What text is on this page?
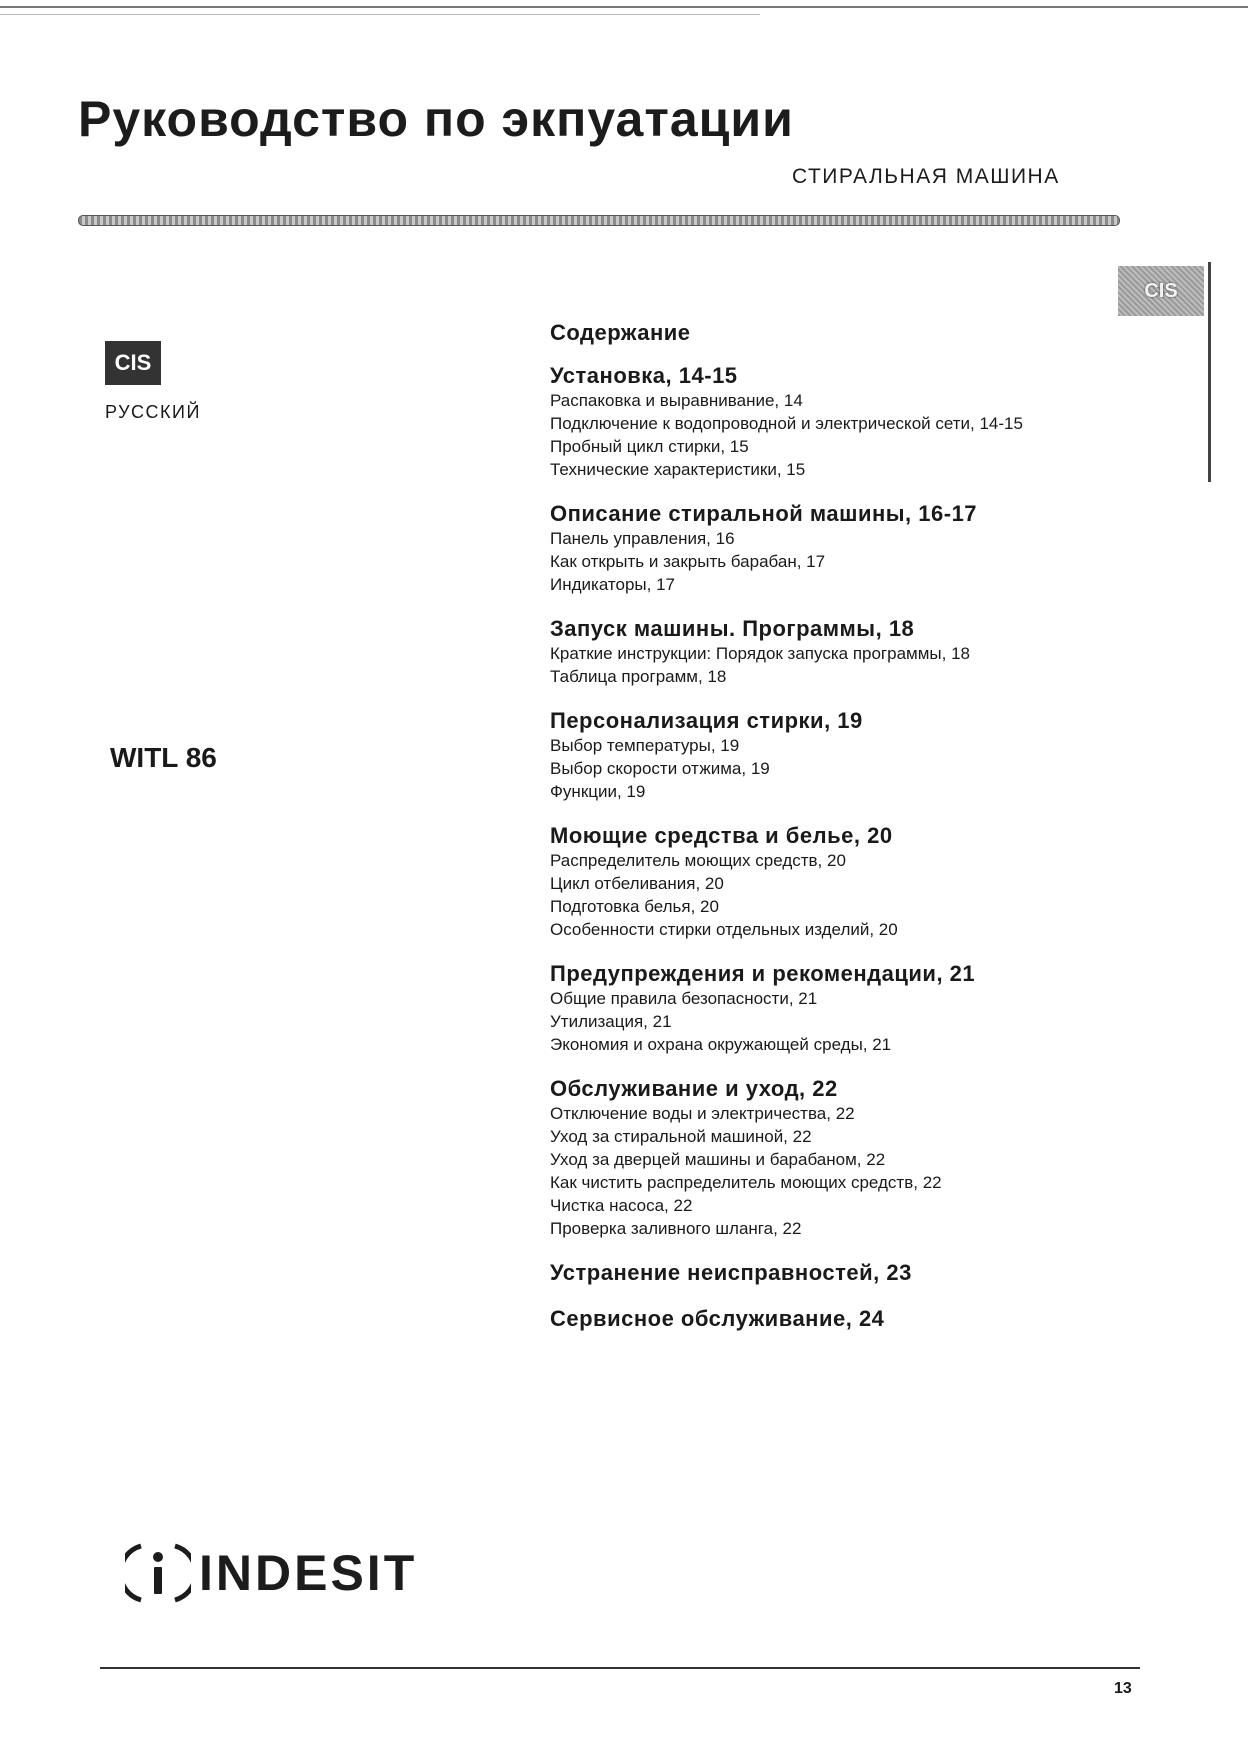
Руководство по экпуатации
СТИРАЛЬНАЯ МАШИНА
CIS
CIS
РУССКИЙ
WITL 86
Содержание
Установка, 14-15
Распаковка и выравнивание, 14
Подключение к водопроводной и электрической сети, 14-15
Пробный цикл стирки, 15
Технические характеристики, 15
Описание стиральной машины, 16-17
Панель управления, 16
Как открыть и закрыть барабан, 17
Индикаторы, 17
Запуск машины. Программы, 18
Краткие инструкции: Порядок запуска программы, 18
Таблица программ, 18
Персонализация стирки, 19
Выбор температуры, 19
Выбор скорости отжима, 19
Функции, 19
Моющие средства и белье, 20
Распределитель моющих средств, 20
Цикл отбеливания, 20
Подготовка белья, 20
Особенности стирки отдельных изделий, 20
Предупреждения и рекомендации, 21
Общие правила безопасности, 21
Утилизация, 21
Экономия и охрана окружающей среды, 21
Обслуживание и уход, 22
Отключение воды и электричества, 22
Уход за стиральной машиной, 22
Уход за дверцей машины и барабаном, 22
Как чистить распределитель моющих средств, 22
Чистка насоса, 22
Проверка заливного шланга, 22
Устранение неисправностей, 23
Сервисное обслуживание, 24
INDESIT
13
